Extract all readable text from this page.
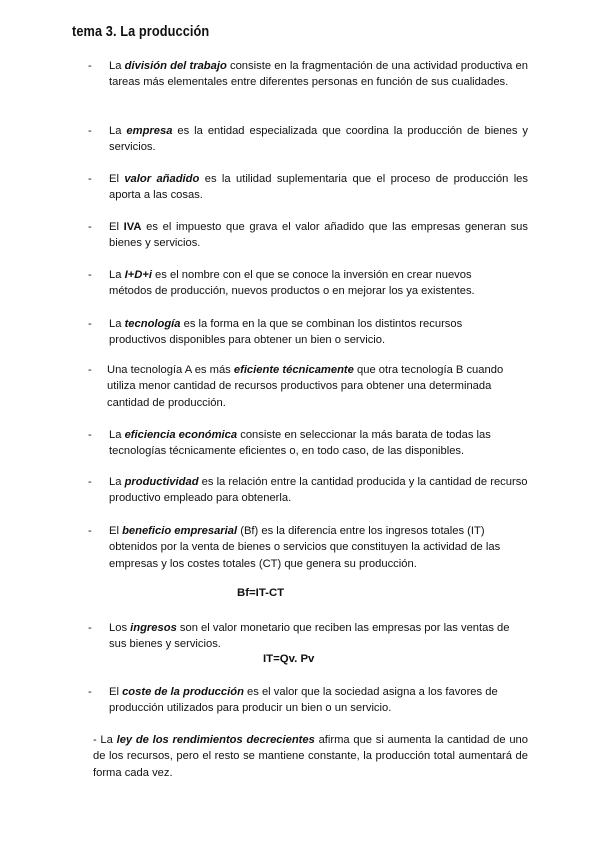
tema 3. La producción
- La división del trabajo consiste en la fragmentación de una actividad productiva en tareas más elementales entre diferentes personas en función de sus cualidades.
- La empresa es la entidad especializada que coordina la producción de bienes y servicios.
- El valor añadido es la utilidad suplementaria que el proceso de producción les aporta a las cosas.
- El IVA es el impuesto que grava el valor añadido que las empresas generan sus bienes y servicios.
- La I+D+i es el nombre con el que se conoce la inversión en crear nuevos métodos de producción, nuevos productos o en mejorar los ya existentes.
- La tecnología es la forma en la que se combinan los distintos recursos productivos disponibles para obtener un bien o servicio.
- Una tecnología A es más eficiente técnicamente que otra tecnología B cuando utiliza menor cantidad de recursos productivos para obtener una determinada cantidad de producción.
- La eficiencia económica consiste en seleccionar la más barata de todas las tecnologías técnicamente eficientes o, en todo caso, de las disponibles.
- La productividad es la relación entre la cantidad producida y la cantidad de recurso productivo empleado para obtenerla.
- El beneficio empresarial (Bf) es la diferencia entre los ingresos totales (IT) obtenidos por la venta de bienes o servicios que constituyen la actividad de las empresas y los costes totales (CT) que genera su producción.
Bf=IT-CT
- Los ingresos son el valor monetario que reciben las empresas por las ventas de sus bienes y servicios.
IT=Qv. Pv
- El coste de la producción es el valor que la sociedad asigna a los favores de producción utilizados para producir un bien o un servicio.
- La ley de los rendimientos decrecientes afirma que si aumenta la cantidad de uno de los recursos, pero el resto se mantiene constante, la producción total aumentará de forma cada vez.
